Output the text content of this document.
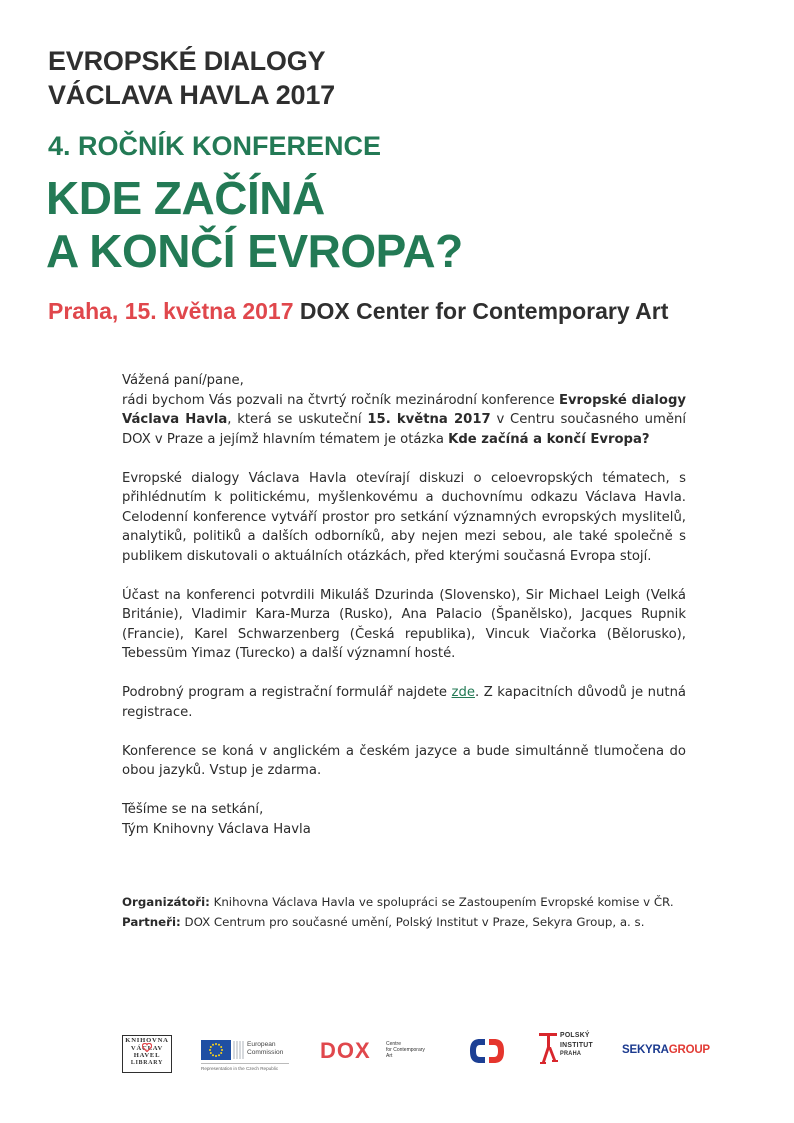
EVROPSKÉ DIALOGY
VÁCLAVA HAVLA 2017
4. ROČNÍK KONFERENCE
KDE ZAČÍNÁ
A KONČÍ EVROPA?
Praha, 15. května 2017 DOX Center for Contemporary Art

Vážená paní/pane,

rádi bychom Vás pozvali na čtvrtý ročník mezinárodní konference Evropské dialogy Václava Havla, která se uskuteční 15. května 2017 v Centru současného umění DOX v Praze a jejímž hlavním tématem je otázka Kde začíná a končí Evropa?

Evropské dialogy Václava Havla otevírají diskuzi o celoevropských tématech, s přihlédnutím k politickému, myšlenkovému a duchovnímu odkazu Václava Havla. Celodenní konference vytváří prostor pro setkání významných evropských myslitelů, analytiků, politiků a dalších odborníků, aby nejen mezi sebou, ale také společně s publikem diskutovali o aktuálních otázkách, před kterými současná Evropa stojí.

Účast na konferenci potvrdili Mikuláš Dzurinda (Slovensko), Sir Michael Leigh (Velká Británie), Vladimir Kara-Murza (Rusko), Ana Palacio (Španělsko), Jacques Rupnik (Francie), Karel Schwarzenberg (Česká republika), Vincuk Viačorka (Bělorusko), Tebessüm Yimaz (Turecko) a další významní hosté.

Podrobný program a registrační formulář najdete zde. Z kapacitních důvodů je nutná registrace.

Konference se koná v anglickém a českém jazyce a bude simultánně tlumočena do obou jazyků. Vstup je zdarma.

Těšíme se na setkání,

Tým Knihovny Václava Havla

Organizátoři: Knihovna Václava Havla ve spolupráci se Zastoupením Evropské komise v ČR.
Partneři: DOX Centrum pro současné umění, Polský Institut v Praze, Sekyra Group, a. s.
KNIHOVNA
VÁCLAV
HAVEL
LIBRARY
European
Commission
Representation in the Czech Republic
DOX	Centre
for Contemporary
Art
POLSKÝ
INSTITUT
PRAHA	SEKYRAGROUP
